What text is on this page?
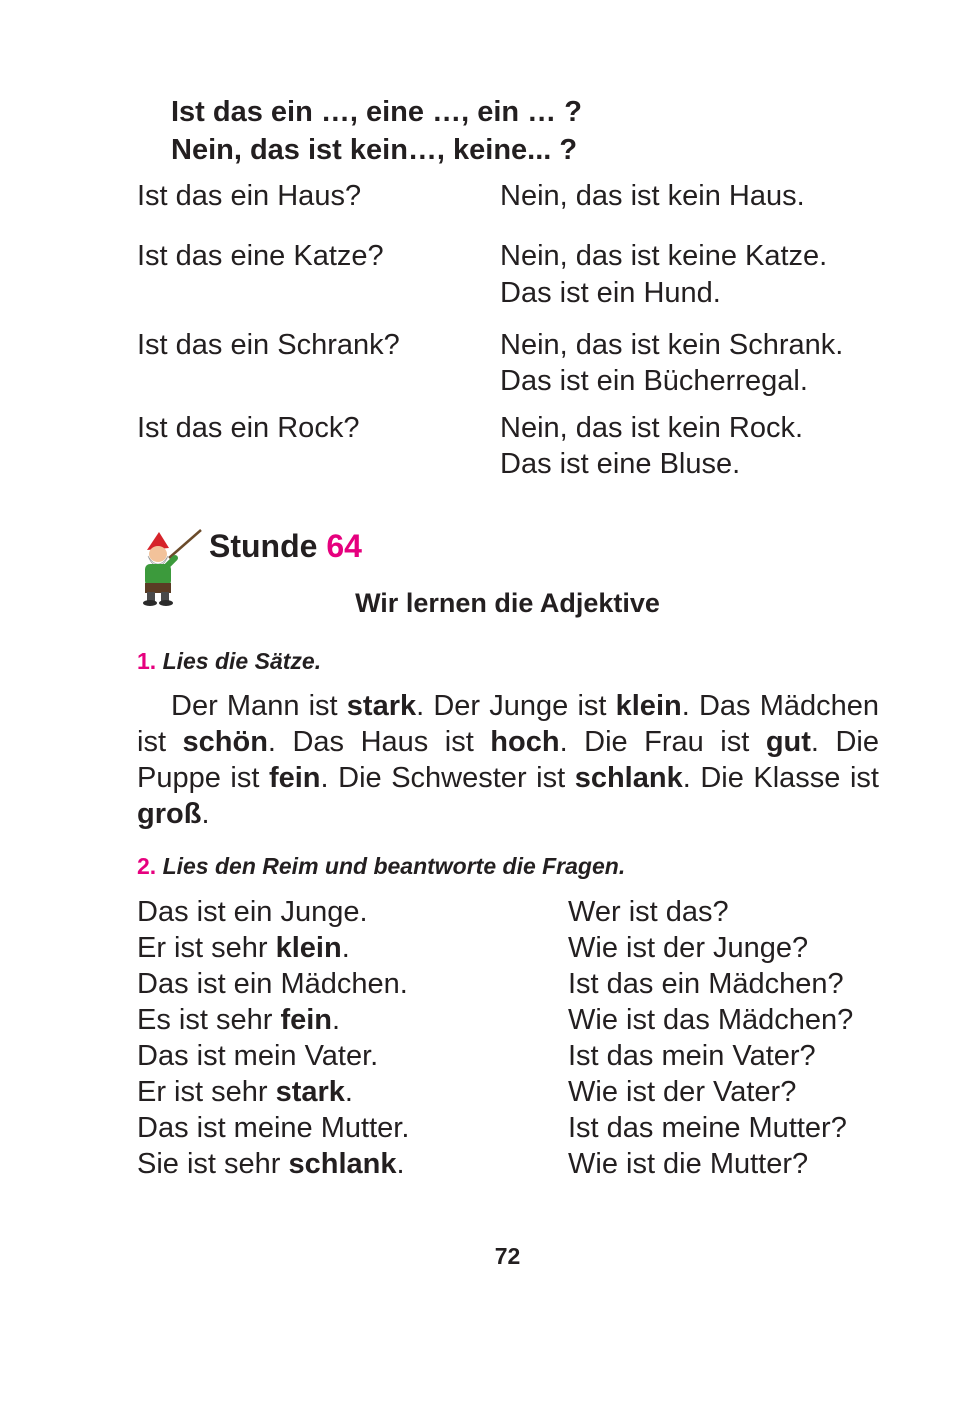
Ist das ein …, eine …, ein … ?
Nein, das ist kein…, keine... ?
Ist das ein Haus?	Nein, das ist kein Haus.
Ist das eine Katze?	Nein, das ist keine Katze.
Das ist ein Hund.
Ist das ein Schrank?	Nein, das ist kein Schrank.
Das ist ein Bücherregal.
Ist das ein Rock?	Nein, das ist kein Rock.
Das ist eine Bluse.
Stunde 64
Wir lernen die Adjektive
1. Lies die Sätze.
Der Mann ist stark. Der Junge ist klein. Das Mädchen ist schön. Das Haus ist hoch. Die Frau ist gut. Die Puppe ist fein. Die Schwester ist schlank. Die Klasse ist groß.
2. Lies den Reim und beantworte die Fragen.
Das ist ein Junge.
Er ist sehr klein.
Das ist ein Mädchen.
Es ist sehr fein.
Das ist mein Vater.
Er ist sehr stark.
Das ist meine Mutter.
Sie ist sehr schlank.
Wer ist das?
Wie ist der Junge?
Ist das ein Mädchen?
Wie ist das Mädchen?
Ist das mein Vater?
Wie ist der Vater?
Ist das meine Mutter?
Wie ist die Mutter?
72
